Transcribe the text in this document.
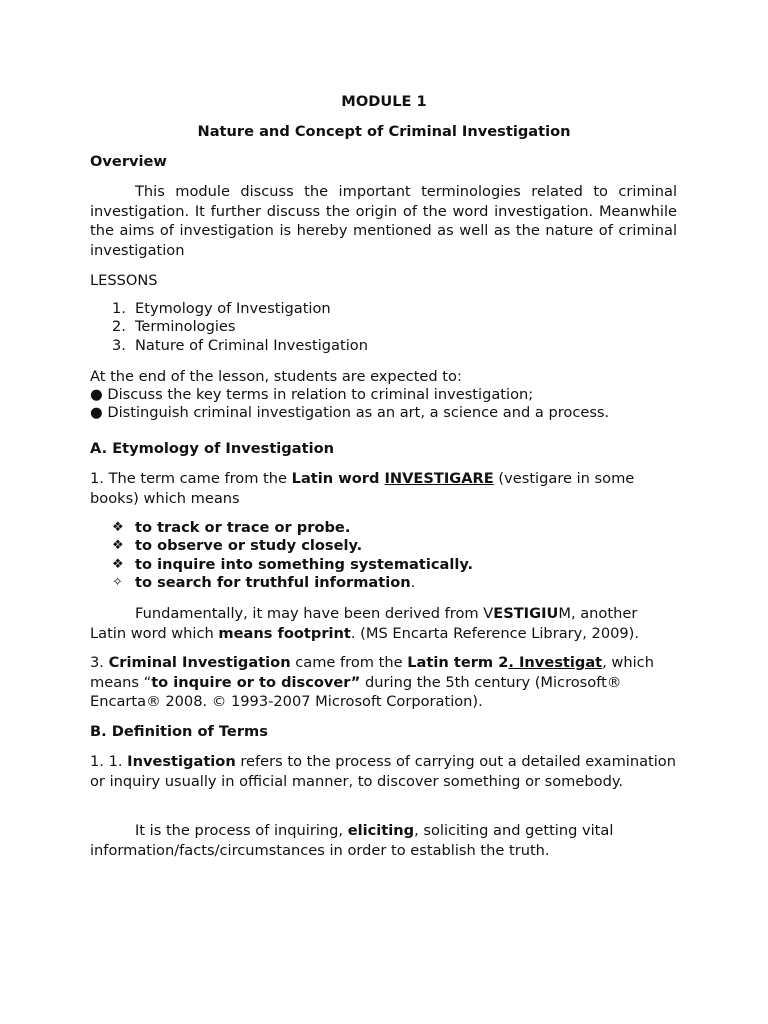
MODULE 1
Nature and Concept of Criminal Investigation
Overview

This module discuss the important terminologies related to criminal investigation. It further discuss the origin of the word investigation. Meanwhile the aims of investigation is hereby mentioned as well as the nature of criminal investigation

LESSONS
1. Etymology of Investigation
2. Terminologies
3. Nature of Criminal Investigation
At the end of the lesson, students are expected to:
● Discuss the key terms in relation to criminal investigation;
● Distinguish criminal investigation as an art, a science and a process.
A. Etymology of Investigation

1. The term came from the Latin word INVESTIGARE (vestigare in some books) which means

❖ to track or trace or probe.
❖ to observe or study closely.
❖ to inquire into something systematically.
✧ to search for truthful information.

Fundamentally, it may have been derived from VESTIGIUM, another Latin word which means footprint. (MS Encarta Reference Library, 2009).

3. Criminal Investigation came from the Latin term 2. Investigat, which means “to inquire or to discover” during the 5th century (Microsoft® Encarta® 2008. © 1993-2007 Microsoft Corporation).

B. Definition of Terms

1. 1. Investigation refers to the process of carrying out a detailed examination or inquiry usually in official manner, to discover something or somebody.

It is the process of inquiring, eliciting, soliciting and getting vital information/facts/circumstances in order to establish the truth.
